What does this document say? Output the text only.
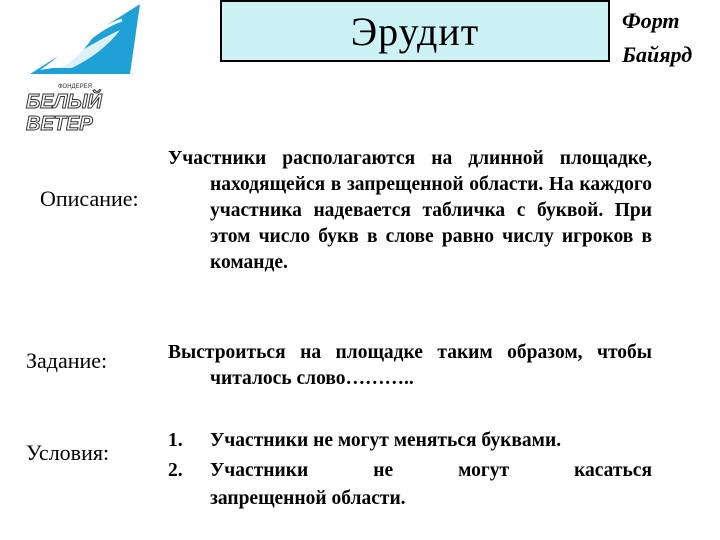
ФОНДЕРЕЯ
БЕЛЫЙ
ВЕТЕР
Эрудит	Форт Байярд
Описание:
Участники располагаются на длинной площадке, находящейся в запрещенной области. На каждого участника надевается табличка с буквой. При этом число букв в слове равно числу игроков в команде.
Задание:	Выстроиться на площадке таким образом, чтобы читалось слово………..
Условия:	1.	Участники не могут меняться буквами.
2.	Участники не могут касаться
запрещенной области.
